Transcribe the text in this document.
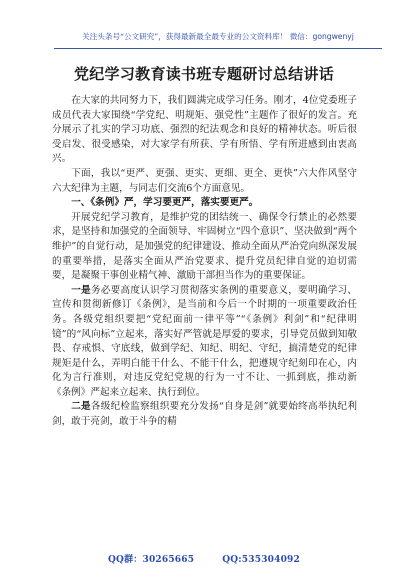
关注头条号“公文研究”，获得最新最全最专业的公文资料库！ 微信：gongwenyj
党纪学习教育读书班专题研讨总结讲话

在大家的共同努力下，我们圆满完成学习任务。刚才，4位党委班子成员代表大家围绕“学党纪、明规矩、强党性”主题作了很好的发言。充分展示了扎实的学习功底、强烈的纪法观念和良好的精神状态。听后很受启发、很受感染，对大家学有所获、学有所悟、学有所进感到由衷高兴。

下面，我以“更严、更强、更实、更细、更全、更快”六大作风坚守六大纪律为主题，与同志们交流6个方面意见。

一、《条例》严，学习要更严，落实要更严。

开展党纪学习教育，是维护党的团结统一、确保令行禁止的必然要求，是坚持和加强党的全面领导、牢固树立“四个意识”、坚决做到“两个维护”的自觉行动，是加强党的纪律建设、推动全面从严治党向纵深发展的重要举措，是落实全面从严治党要求、提升党员纪律自觉的迫切需要，是凝聚干事创业精气神、激励干部担当作为的重要保证。

一是务必要高度认识学习贯彻落实条例的重要意义，要明确学习、宣传和贯彻新修订《条例》，是当前和今后一个时期的一项重要政治任务。各级党组织要把“党纪面前一律平等”“《条例》利剑”和“纪律明镜”的“风向标”立起来，落实好严管就是厚爱的要求，引导党员做到知敬畏、存戒惧、守底线，做到学纪、知纪、明纪、守纪，搞清楚党的纪律规矩是什么，弄明白能干什么、不能干什么，把遵规守纪刻印在心，内化为言行准则，对违反党纪党规的行为一寸不让、一抓到底，推动新《条例》严起来立起来、执行到位。

二是各级纪检监察组织要充分发扬“自身是剑”就要始终高举执纪利剑，敢于亮剑，敢于斗争的精

QQ群：30265665	QQ:535304092
